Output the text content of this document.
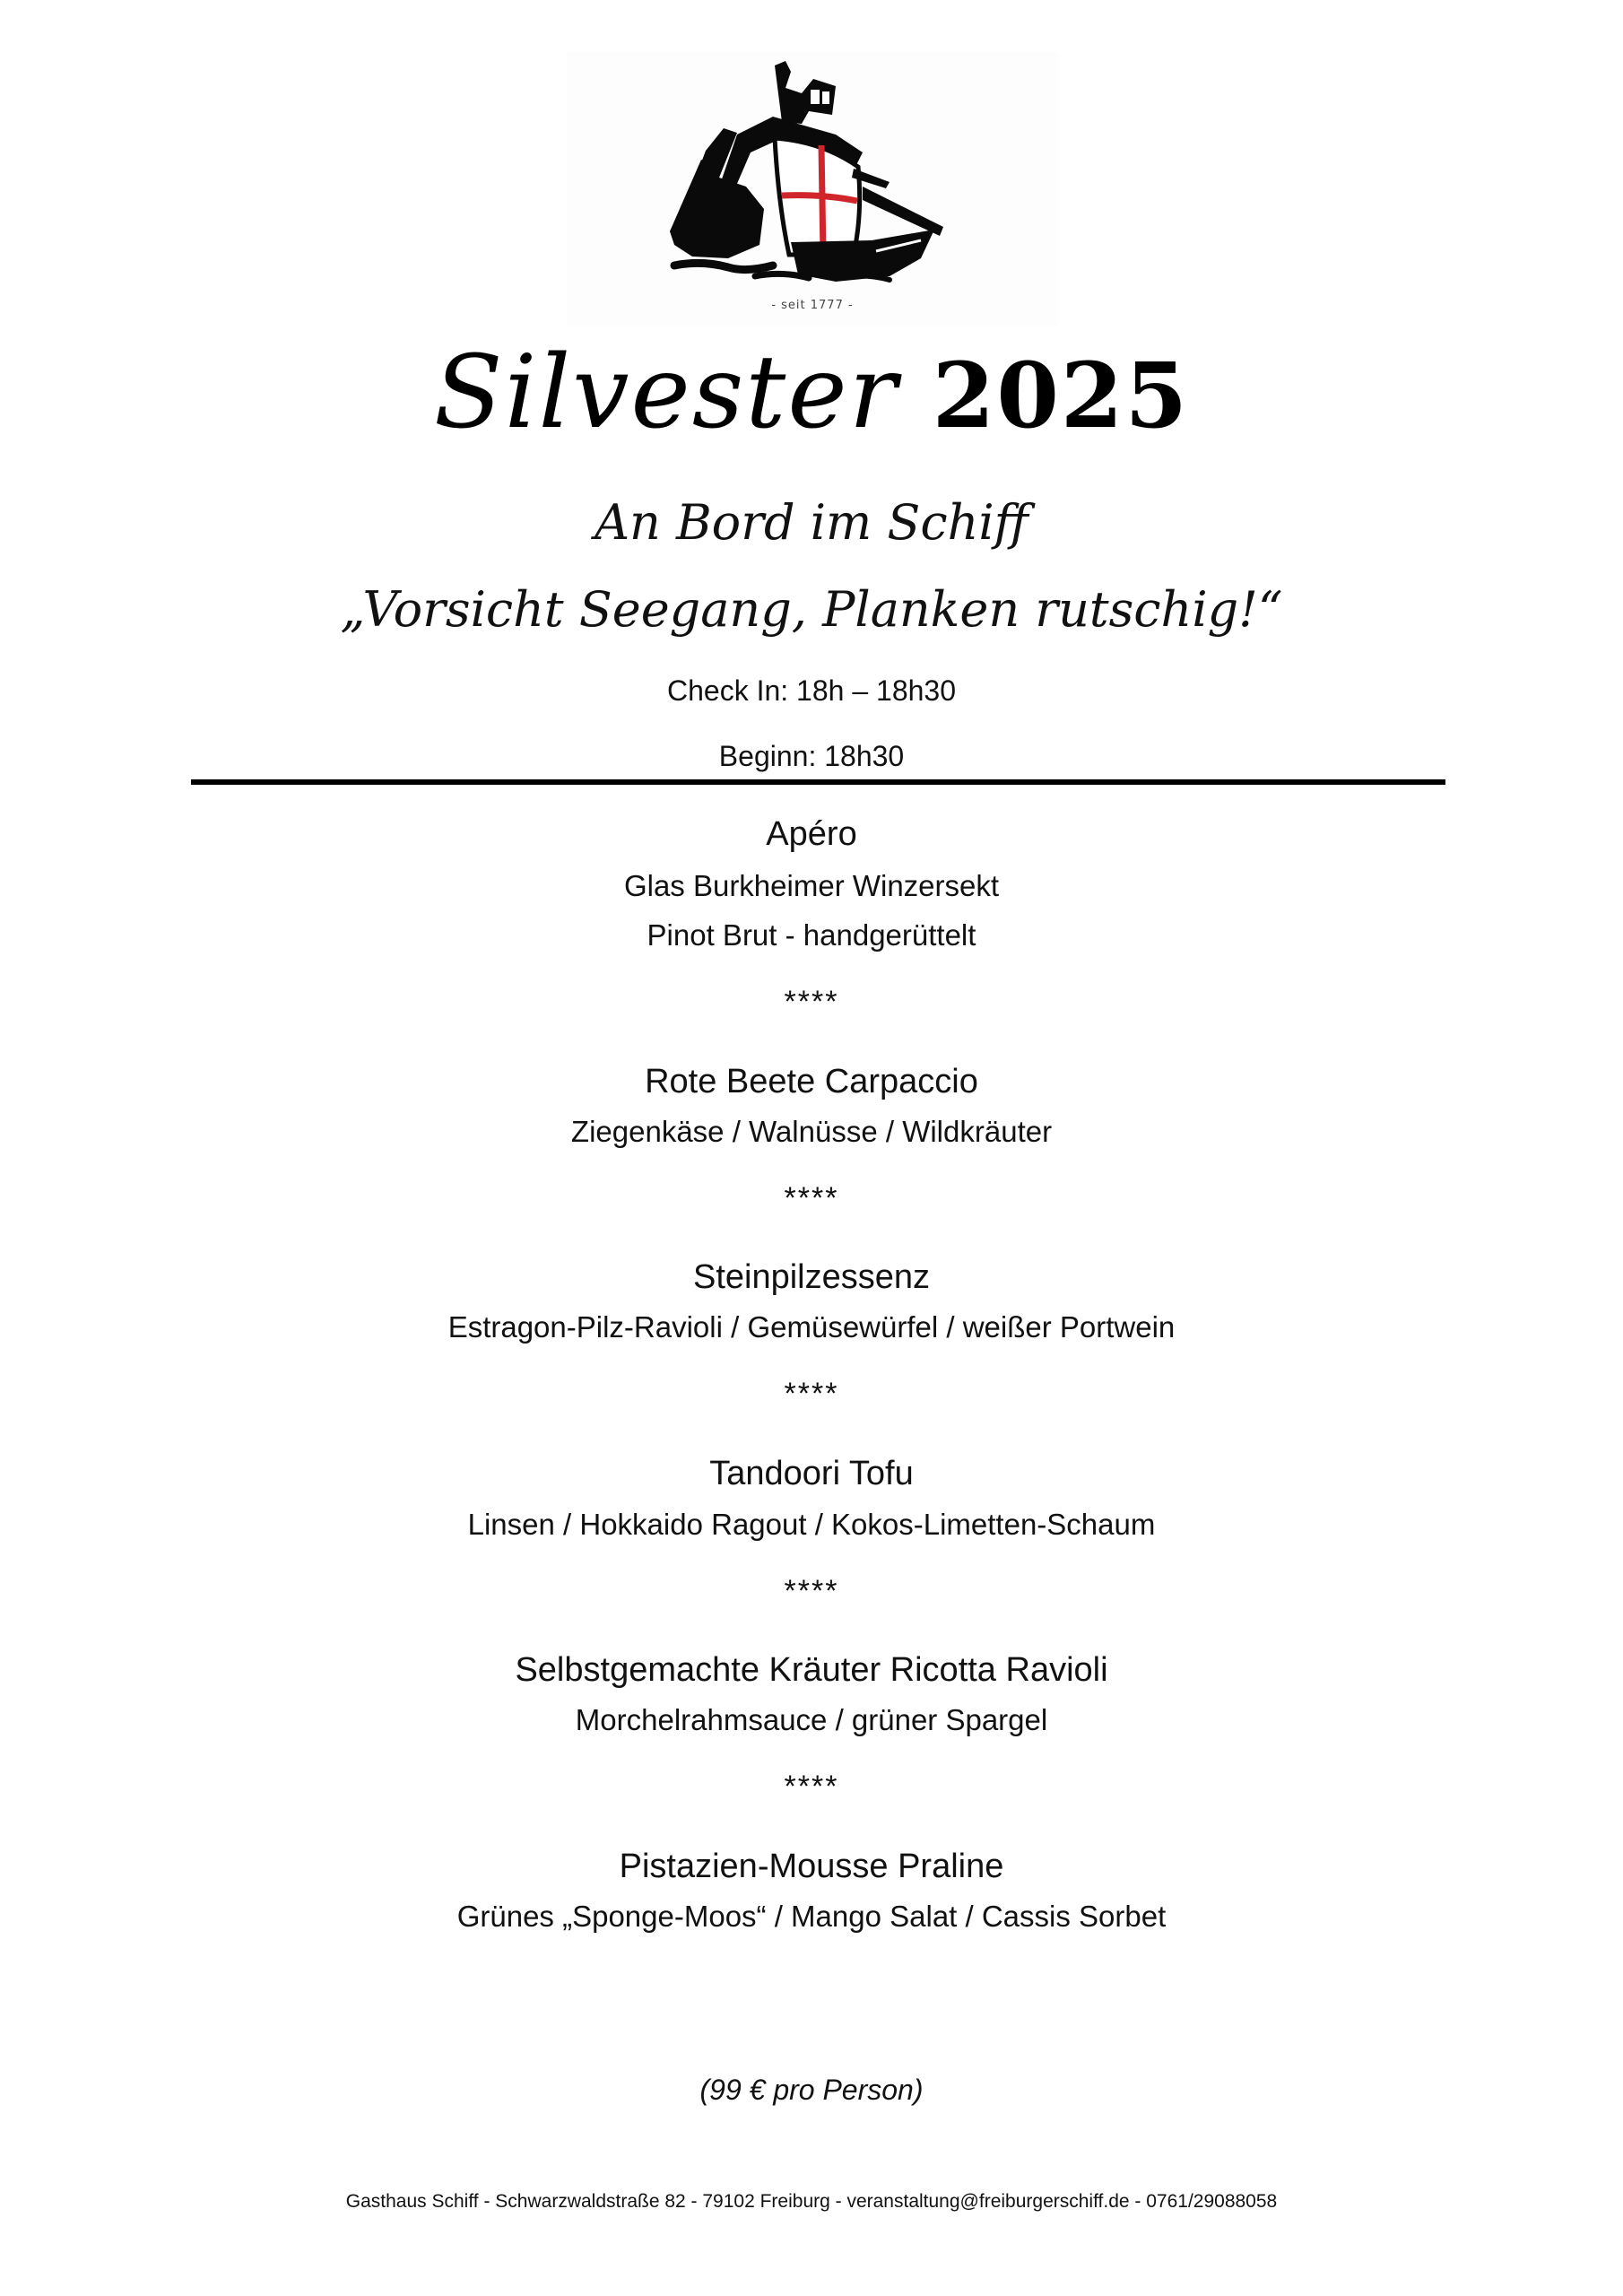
- seit 1777 -
Silvester 2025
An Bord im Schiff
„Vorsicht Seegang, Planken rutschig!“
Check In: 18h – 18h30
Beginn: 18h30
Apéro
Glas Burkheimer Winzersekt
Pinot Brut - handgerüttelt
****
Rote Beete Carpaccio
Ziegenkäse / Walnüsse / Wildkräuter
****
Steinpilzessenz
Estragon-Pilz-Ravioli / Gemüsewürfel / weißer Portwein
****
Tandoori Tofu
Linsen / Hokkaido Ragout / Kokos-Limetten-Schaum
****
Selbstgemachte Kräuter Ricotta Ravioli
Morchelrahmsauce / grüner Spargel
****
Pistazien-Mousse Praline
Grünes „Sponge-Moos“ / Mango Salat / Cassis Sorbet
(99 € pro Person)
Gasthaus Schiff - Schwarzwaldstraße 82 - 79102 Freiburg - veranstaltung@freiburgerschiff.de - 0761/29088058
